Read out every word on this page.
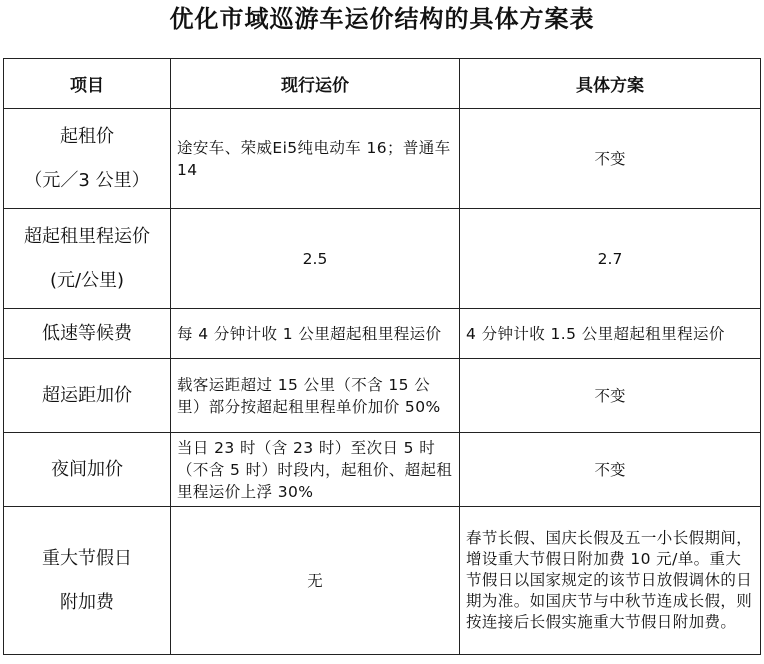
优化市域巡游车运价结构的具体方案表
项目	现行运价	具体方案

起租价
（元／3 公里）	途安车、荣威Ei5纯电动车 16；普通车 14	不变

超起租里程运价
(元/公里)	2.5	2.7

低速等候费	每 4 分钟计收 1 公里超起租里程运价	4 分钟计收 1.5 公里超起租里程运价

超运距加价	载客运距超过 15 公里（不含 15 公里）部分按超起租里程单价加价 50%	不变

夜间加价	当日 23 时（含 23 时）至次日 5 时（不含 5 时）时段内，起租价、超起租里程运价上浮 30%	不变

重大节假日
附加费	无	春节长假、国庆长假及五一小长假期间，增设重大节假日附加费 10 元/单。重大节假日以国家规定的该节日放假调休的日期为准。如国庆节与中秋节连成长假，则按连接后长假实施重大节假日附加费。
